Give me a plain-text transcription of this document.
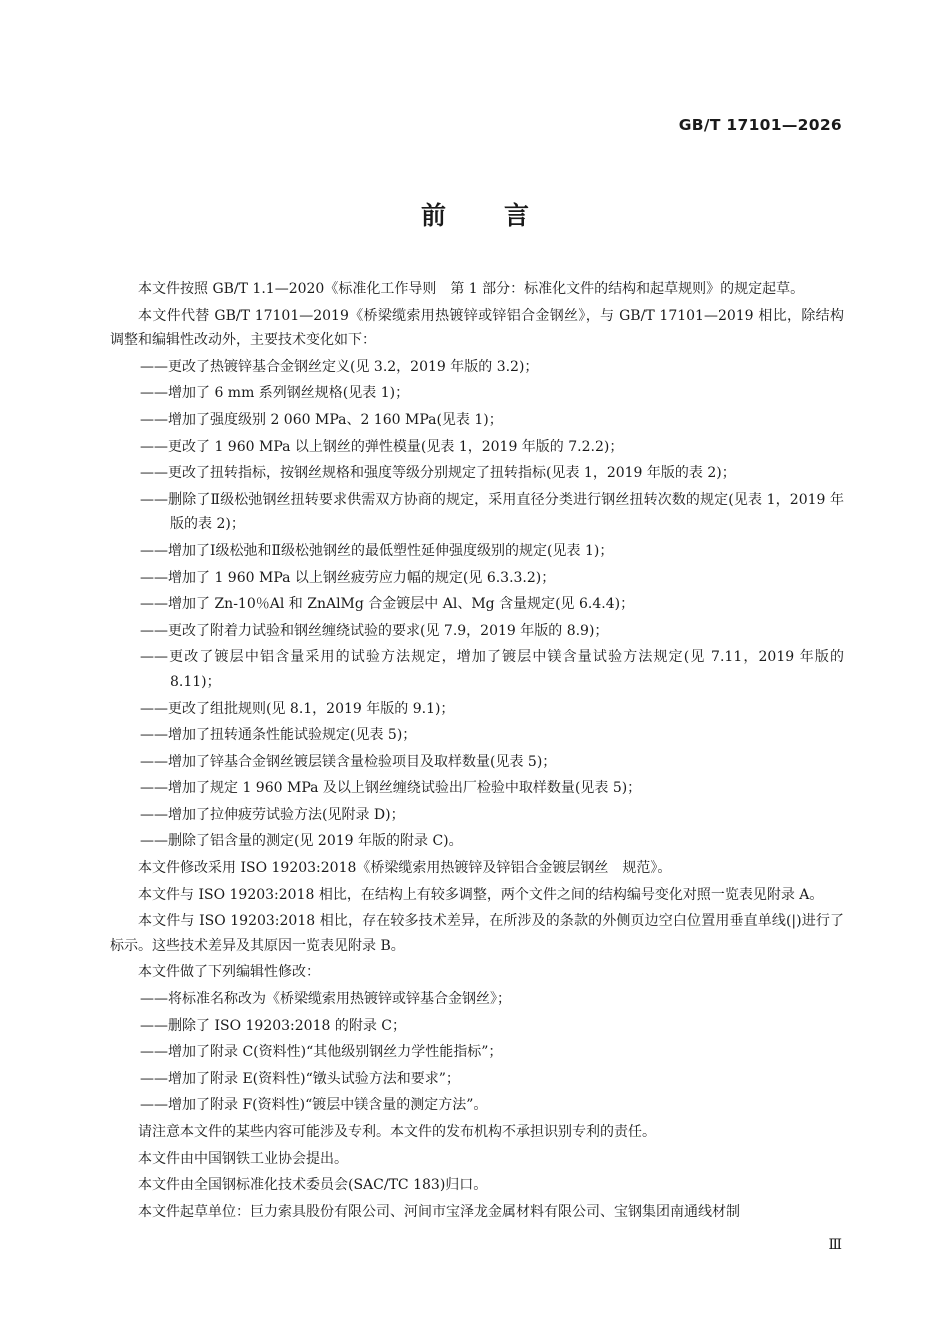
GB/T 17101—2026
前言
本文件按照 GB/T 1.1—2020《标准化工作导则　第 1 部分：标准化文件的结构和起草规则》的规定起草。
本文件代替 GB/T 17101—2019《桥梁缆索用热镀锌或锌铝合金钢丝》，与 GB/T 17101—2019 相比，除结构调整和编辑性改动外，主要技术变化如下：
——更改了热镀锌基合金钢丝定义(见 3.2，2019 年版的 3.2)；
——增加了 6 mm 系列钢丝规格(见表 1)；
——增加了强度级别 2 060 MPa、2 160 MPa(见表 1)；
——更改了 1 960 MPa 以上钢丝的弹性模量(见表 1，2019 年版的 7.2.2)；
——更改了扭转指标，按钢丝规格和强度等级分别规定了扭转指标(见表 1，2019 年版的表 2)；
——删除了Ⅱ级松弛钢丝扭转要求供需双方协商的规定，采用直径分类进行钢丝扭转次数的规定(见表 1，2019 年版的表 2)；
——增加了Ⅰ级松弛和Ⅱ级松弛钢丝的最低塑性延伸强度级别的规定(见表 1)；
——增加了 1 960 MPa 以上钢丝疲劳应力幅的规定(见 6.3.3.2)；
——增加了 Zn-10％Al 和 ZnAlMg 合金镀层中 Al、Mg 含量规定(见 6.4.4)；
——更改了附着力试验和钢丝缠绕试验的要求(见 7.9，2019 年版的 8.9)；
——更改了镀层中铝含量采用的试验方法规定，增加了镀层中镁含量试验方法规定(见 7.11，2019 年版的 8.11)；
——更改了组批规则(见 8.1，2019 年版的 9.1)；
——增加了扭转通条性能试验规定(见表 5)；
——增加了锌基合金钢丝镀层镁含量检验项目及取样数量(见表 5)；
——增加了规定 1 960 MPa 及以上钢丝缠绕试验出厂检验中取样数量(见表 5)；
——增加了拉伸疲劳试验方法(见附录 D)；
——删除了铝含量的测定(见 2019 年版的附录 C)。
本文件修改采用 ISO 19203:2018《桥梁缆索用热镀锌及锌铝合金镀层钢丝　规范》。
本文件与 ISO 19203:2018 相比，在结构上有较多调整，两个文件之间的结构编号变化对照一览表见附录 A。
本文件与 ISO 19203:2018 相比，存在较多技术差异，在所涉及的条款的外侧页边空白位置用垂直单线(|)进行了标示。这些技术差异及其原因一览表见附录 B。
本文件做了下列编辑性修改：
——将标准名称改为《桥梁缆索用热镀锌或锌基合金钢丝》；
——删除了 ISO 19203:2018 的附录 C；
——增加了附录 C(资料性)“其他级别钢丝力学性能指标”；
——增加了附录 E(资料性)“镦头试验方法和要求”；
——增加了附录 F(资料性)“镀层中镁含量的测定方法”。
请注意本文件的某些内容可能涉及专利。本文件的发布机构不承担识别专利的责任。
本文件由中国钢铁工业协会提出。
本文件由全国钢标准化技术委员会(SAC/TC 183)归口。
本文件起草单位：巨力索具股份有限公司、河间市宝泽龙金属材料有限公司、宝钢集团南通线材制
Ⅲ
